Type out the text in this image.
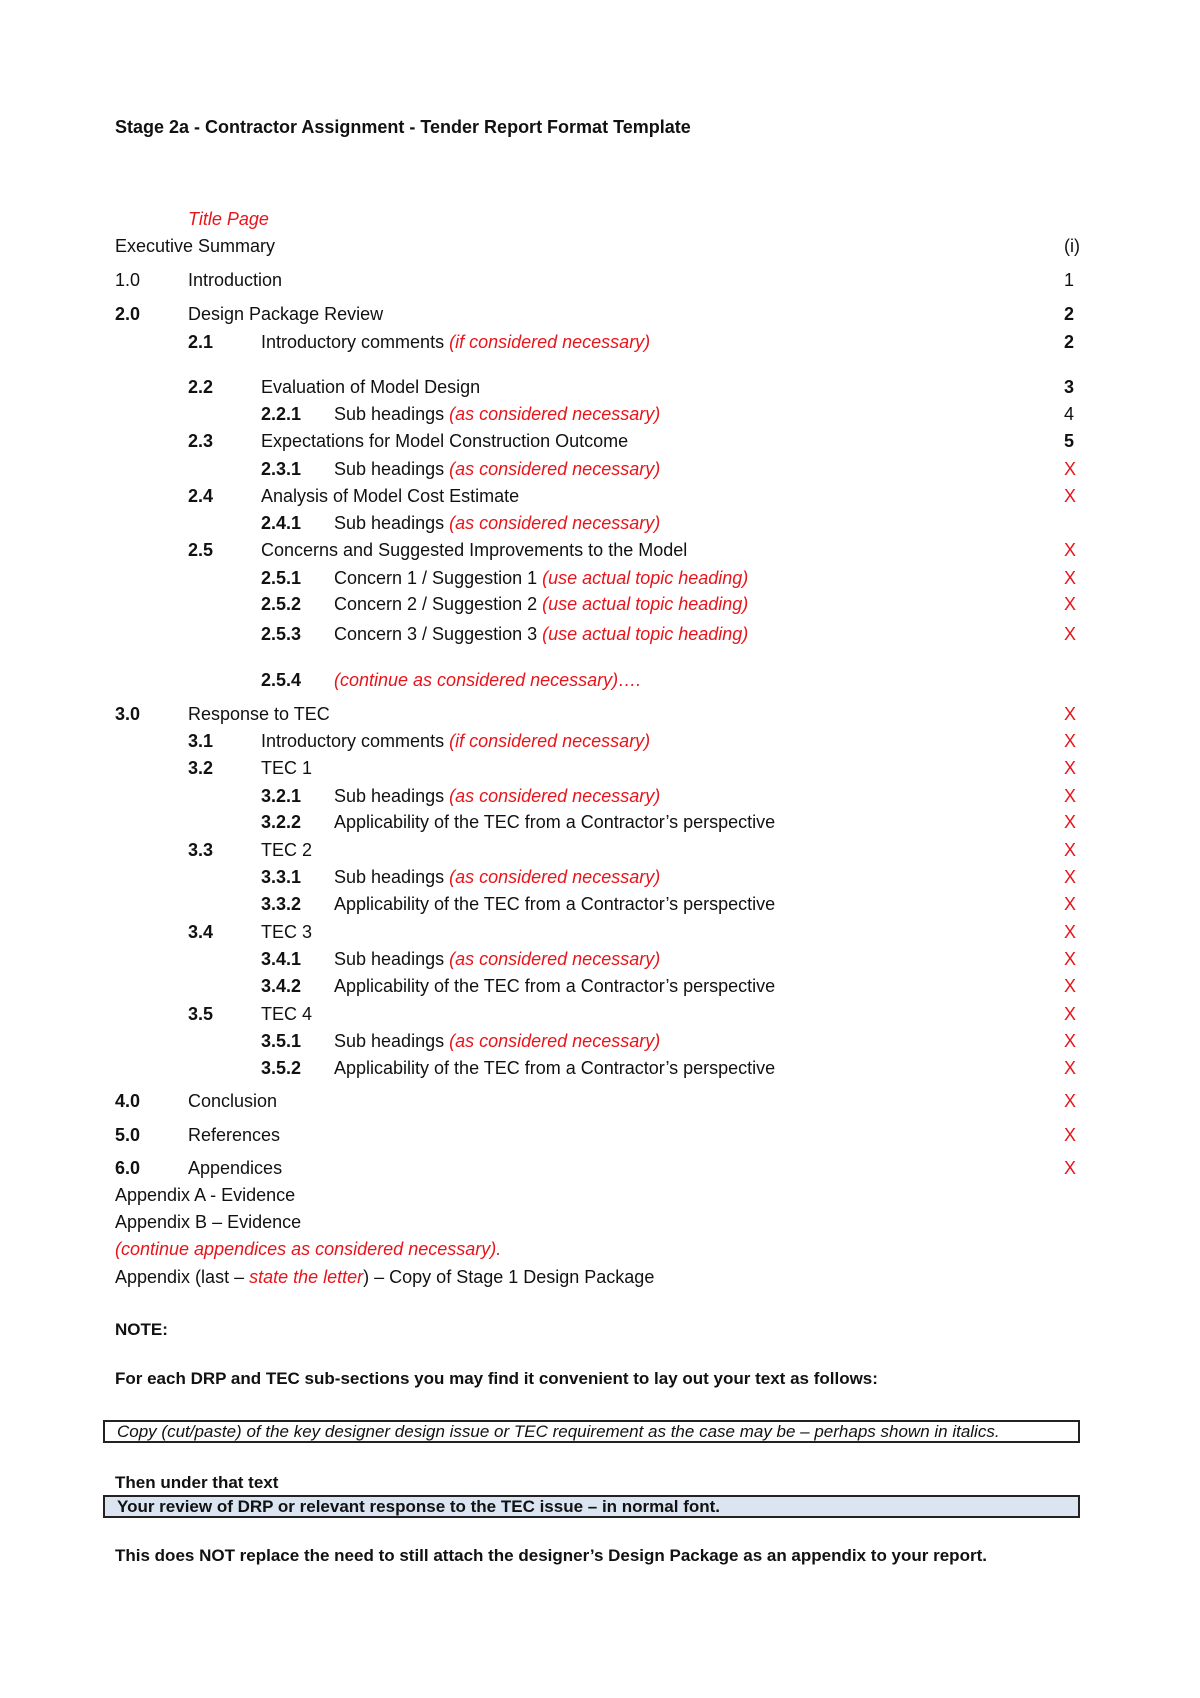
Stage 2a - Contractor Assignment - Tender Report Format Template
Title Page
Executive Summary	(i)
1.0	Introduction	1
2.0	Design Package Review	2
2.1	Introductory comments (if considered necessary)	2
2.2	Evaluation of Model Design	3
2.2.1 Sub headings (as considered necessary)	4
2.3	Expectations for Model Construction Outcome	5
2.3.1 Sub headings (as considered necessary)	X
2.4	Analysis of Model Cost Estimate	X
2.4.1 Sub headings (as considered necessary)
2.5	Concerns and Suggested Improvements to the Model	X
2.5.1 Concern 1 / Suggestion 1 (use actual topic heading)	X
2.5.2 Concern 2 / Suggestion 2 (use actual topic heading)	X
2.5.3 Concern 3 / Suggestion 3 (use actual topic heading)	X
2.5.4 (continue as considered necessary)….
3.0	Response to TEC	X
3.1	Introductory comments (if considered necessary)	X
3.2	TEC 1	X
3.2.1 Sub headings (as considered necessary)	X
3.2.2 Applicability of the TEC from a Contractor’s perspective	X
3.3	TEC 2	X
3.3.1 Sub headings (as considered necessary)	X
3.3.2 Applicability of the TEC from a Contractor’s perspective	X
3.4	TEC 3	X
3.4.1 Sub headings (as considered necessary)	X
3.4.2 Applicability of the TEC from a Contractor’s perspective	X
3.5	TEC 4	X
3.5.1 Sub headings (as considered necessary)	X
3.5.2 Applicability of the TEC from a Contractor’s perspective	X
4.0	Conclusion	X
5.0	References	X
6.0	Appendices	X
Appendix A - Evidence
Appendix B – Evidence
(continue appendices as considered necessary).
Appendix (last – state the letter) – Copy of Stage 1 Design Package
NOTE:
For each DRP and TEC sub-sections you may find it convenient to lay out your text as follows:
Copy (cut/paste) of the key designer design issue or TEC requirement as the case may be – perhaps shown in italics.
Then under that text
Your review of DRP or relevant response to the TEC issue – in normal font.
This does NOT replace the need to still attach the designer’s Design Package as an appendix to your report.
